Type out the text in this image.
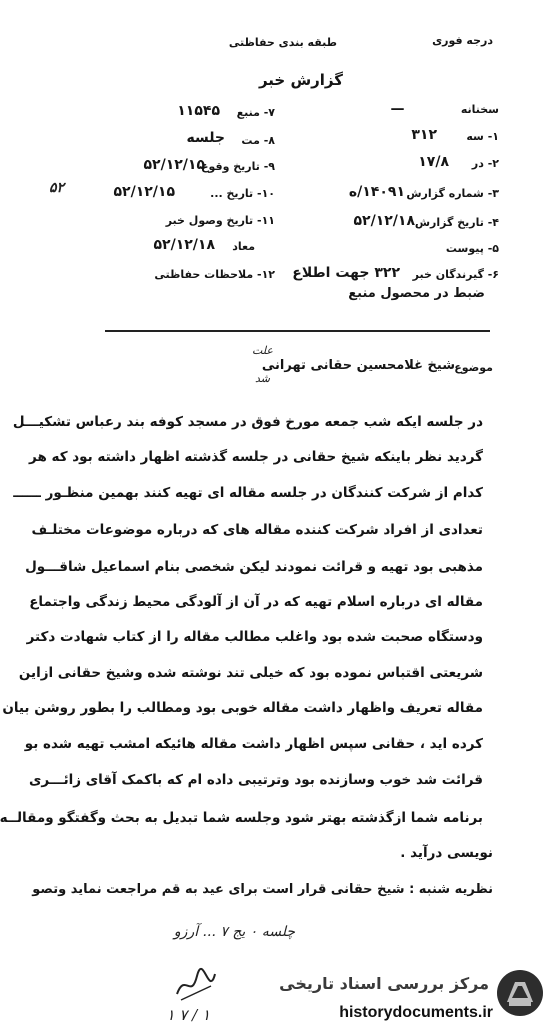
درجه فوری
طبقه بندی حفاظتی
گزارش خبر
سخنانه
—
۱- سه
۳۱۲
۲- در
۱۷/۸
۳- شماره گزارش
۱۴۰۹۱/ه
۴- تاریخ گزارش
۵۲/۱۲/۱۸
۵- پیوست
۶- گیرندگان خبر
۳۲۲ جهت اطلاع
ضبط در محصول منبع
۷- منبع
۱۱۵۴۵
۸- مت
جلسه
۹- تاریخ وقوع
۵۲/۱۲/۱۵
۱۰- تاریخ ...
۵۲/۱۲/۱۵
۱۱- تاریخ وصول خبر
معاد
۵۲/۱۲/۱۸
۱۲- ملاحظات حفاظتی
۵۲
موضوع
شیخ غلامحسین حقانی تهرانی
علت
شد
در جلسه ایکه شب جمعه مورخ فوق در مسجد کوفه بند رعباس تشکیـــل
گردید نظر باینکه شیخ حقانی در جلسه گذشته اظهار داشته بود که هر
کدام از شرکت کنندگان در جلسه مقاله ای تهیه کنند بهمین منظـور ــــــ
تعدادی از افراد شرکت کننده مقاله های که درباره موضوعات مختلـف
مذهبی بود تهیه و قرائت نمودند لیکن شخصی بنام اسماعیل شاقـــول
مقاله ای درباره اسلام تهیه که در آن از آلودگی محیط زندگی واجتماع
ودستگاه صحبت شده بود واغلب مطالب مقاله را از کتاب شهادت دکتر
شریعتی اقتباس نموده بود که خیلی تند نوشته شده وشیخ حقانی ازاین
مقاله تعریف واظهار داشت مقاله خوبی بود ومطالب را بطور روشن بیان
کرده اید ، حقانی سپس اظهار داشت مقاله هائیکه امشب تهیه شده بو
قرائت شد خوب وسازنده بود وترتیبی داده ام که باکمک آقای زائـــری
برنامه شما ازگذشته بهتر شود وجلسه شما تبدیل به بحث وگفتگو ومقالــه
نویسی درآید .
نظریه شنبه : شیخ حقانی قرار است برای عید به قم مراجعت نماید وتصو
چلسه ۰ یج ۷ ... آرزو
۱ / ۷ ۱
مرکز بررسی اسناد تاریخی
historydocuments.ir
